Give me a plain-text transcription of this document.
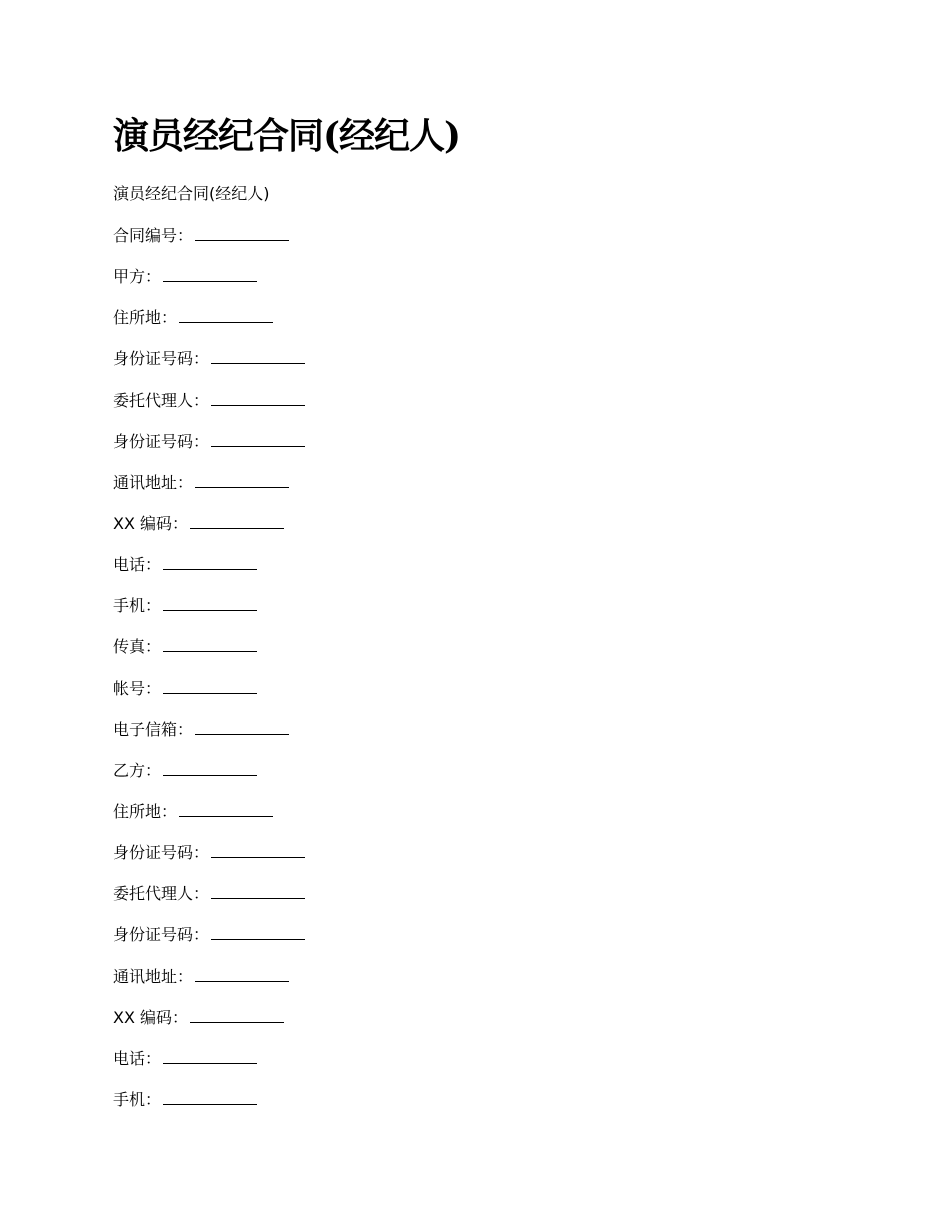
演员经纪合同(经纪人)
演员经纪合同(经纪人)
合同编号：
甲方：
住所地：
身份证号码：
委托代理人：
身份证号码：
通讯地址：
XX 编码：
电话：
手机：
传真：
帐号：
电子信箱：
乙方：
住所地：
身份证号码：
委托代理人：
身份证号码：
通讯地址：
XX 编码：
电话：
手机：
